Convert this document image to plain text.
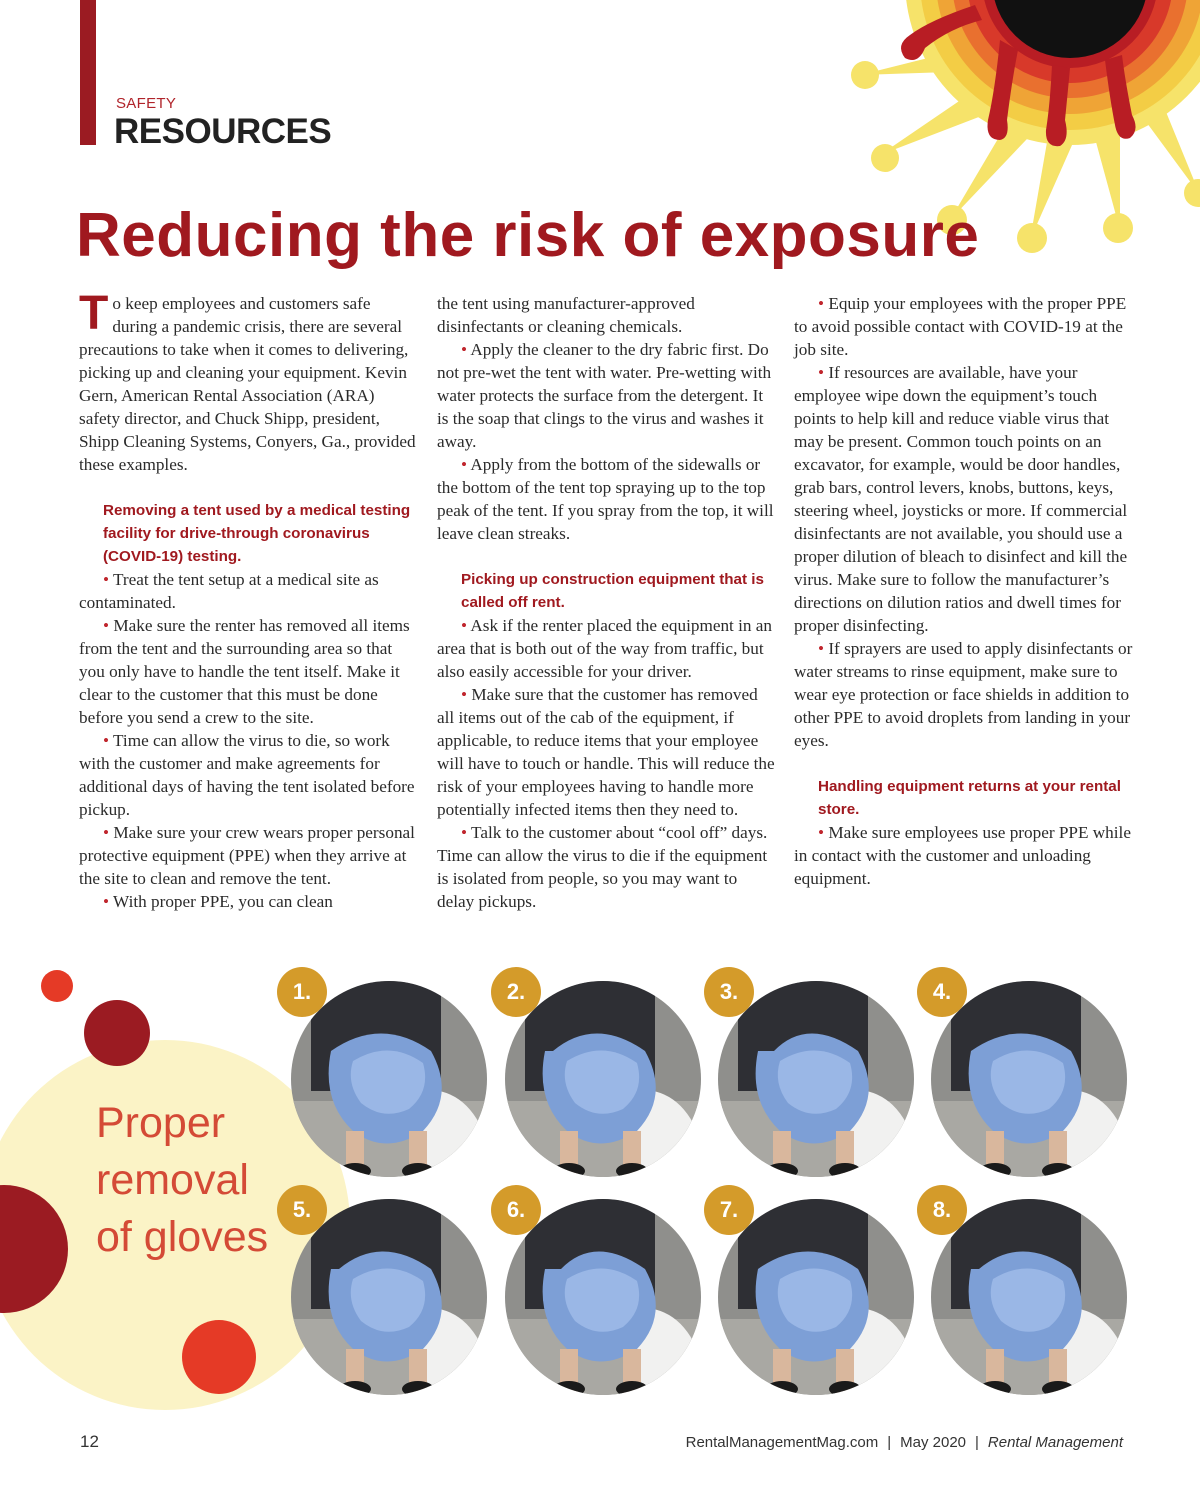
SAFETY
RESOURCES
Reducing the risk of exposure

To keep employees and customers safe during a pandemic crisis, there are several precautions to take when it comes to delivering, picking up and cleaning your equipment. Kevin Gern, American Rental Association (ARA) safety director, and Chuck Shipp, president, Shipp Cleaning Systems, Conyers, Ga., provided these examples.

Removing a tent used by a medical testing facility for drive-through coronavirus (COVID-19) testing.

• Treat the tent setup at a medical site as contaminated.

• Make sure the renter has removed all items from the tent and the surrounding area so that you only have to handle the tent itself. Make it clear to the customer that this must be done before you send a crew to the site.

• Time can allow the virus to die, so work with the customer and make agreements for additional days of having the tent isolated before pickup.

• Make sure your crew wears proper personal protective equipment (PPE) when they arrive at the site to clean and remove the tent.

• With proper PPE, you can clean

the tent using manufacturer-approved disinfectants or cleaning chemicals.

• Apply the cleaner to the dry fabric first. Do not pre-wet the tent with water. Pre-wetting with water protects the surface from the detergent. It is the soap that clings to the virus and washes it away.

• Apply from the bottom of the sidewalls or the bottom of the tent top spraying up to the top peak of the tent. If you spray from the top, it will leave clean streaks.

Picking up construction equipment that is called off rent.

• Ask if the renter placed the equipment in an area that is both out of the way from traffic, but also easily accessible for your driver.

• Make sure that the customer has removed all items out of the cab of the equipment, if applicable, to reduce items that your employee will have to touch or handle. This will reduce the risk of your employees having to handle more potentially infected items then they need to.

• Talk to the customer about “cool off” days. Time can allow the virus to die if the equipment is isolated from people, so you may want to delay pickups.

• Equip your employees with the proper PPE to avoid possible contact with COVID-19 at the job site.

• If resources are available, have your employee wipe down the equipment’s touch points to help kill and reduce viable virus that may be present. Common touch points on an excavator, for example, would be door handles, grab bars, control levers, knobs, buttons, keys, steering wheel, joysticks or more. If commercial disinfectants are not available, you should use a proper dilution of bleach to disinfect and kill the virus. Make sure to follow the manufacturer’s directions on dilution ratios and dwell times for proper disinfecting.

• If sprayers are used to apply disinfectants or water streams to rinse equipment, make sure to wear eye protection or face shields in addition to other PPE to avoid droplets from landing in your eyes.

Handling equipment returns at your rental store.

• Make sure employees use proper PPE while in contact with the customer and unloading equipment.

Proper
removal
of gloves
1.	2.	3.	4.
5.	6.	7.	8.
12	RentalManagementMag.com | May 2020 | Rental Management
